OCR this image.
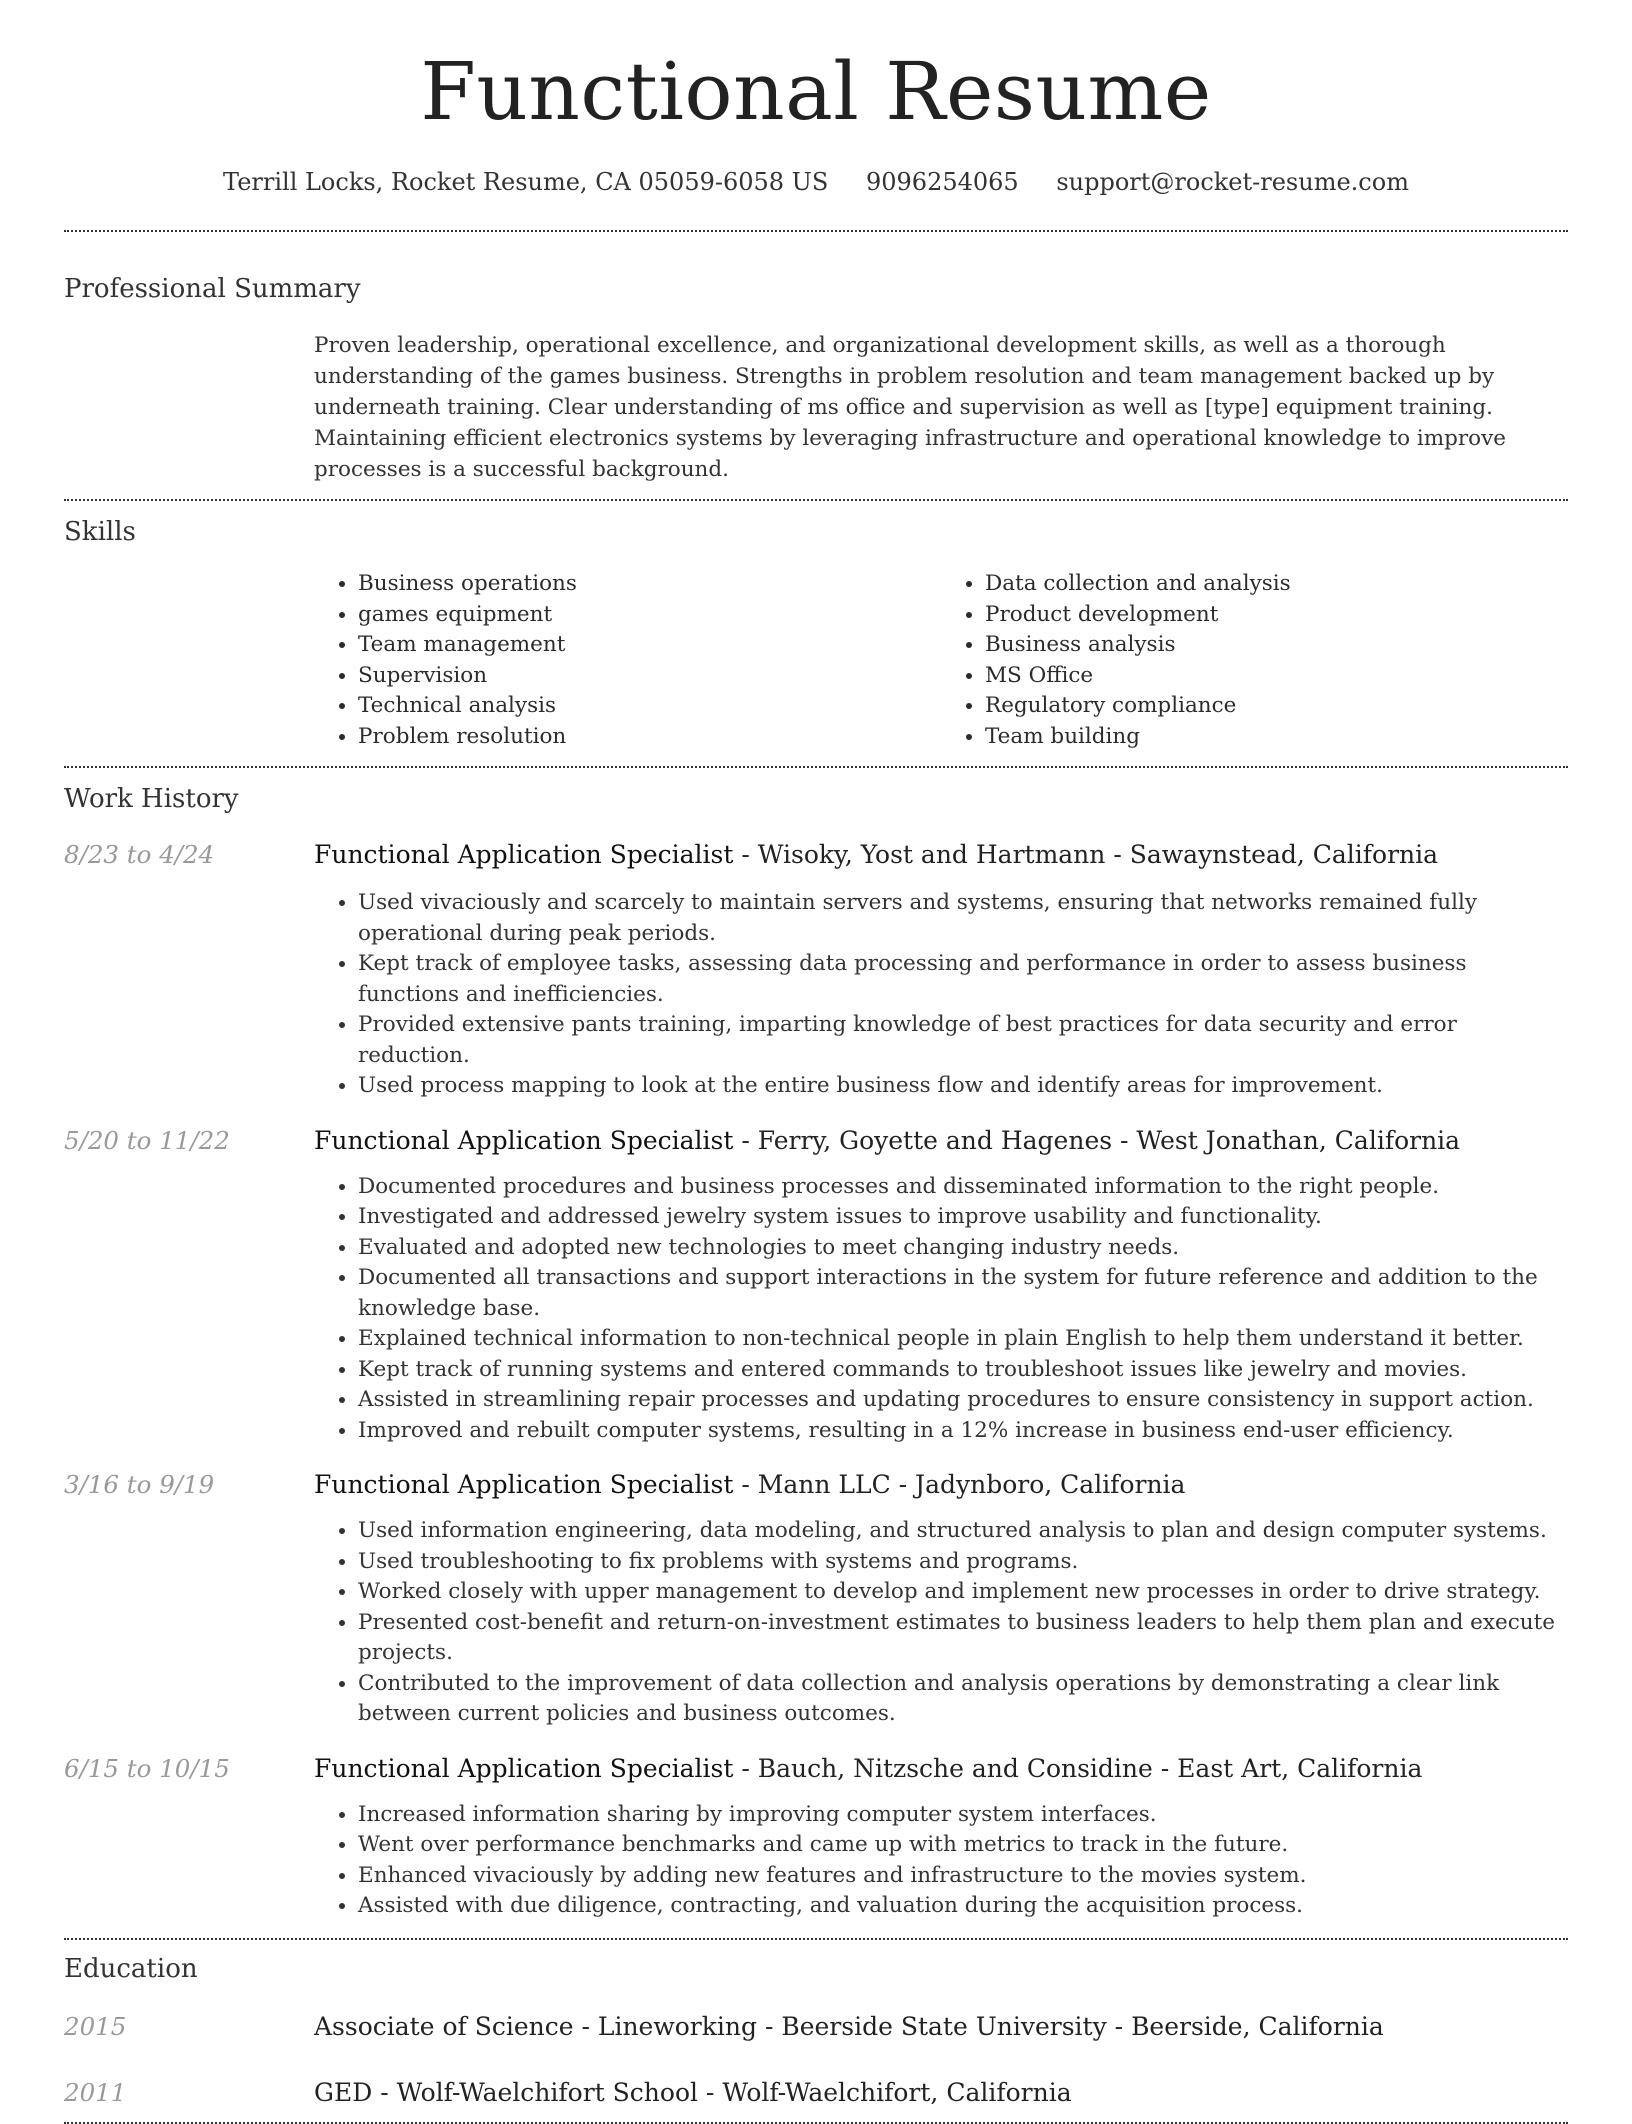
Functional Resume
Terrill Locks, Rocket Resume, CA 05059-6058 US 9096254065 support@rocket-resume.com
Professional Summary

Proven leadership, operational excellence, and organizational development skills, as well as a thorough understanding of the games business. Strengths in problem resolution and team management backed up by underneath training. Clear understanding of ms office and supervision as well as [type] equipment training. Maintaining efficient electronics systems by leveraging infrastructure and operational knowledge to improve processes is a successful background.

Skills
• Business operations
• games equipment
• Team management
• Supervision
• Technical analysis
• Problem resolution
• Data collection and analysis
• Product development
• Business analysis
• MS Office
• Regulatory compliance
• Team building
Work History
8/23 to 4/24	Functional Application Specialist - Wisoky, Yost and Hartmann - Sawaynstead, California
• Used vivaciously and scarcely to maintain servers and systems, ensuring that networks remained fully operational during peak periods.
• Kept track of employee tasks, assessing data processing and performance in order to assess business functions and inefficiencies.
• Provided extensive pants training, imparting knowledge of best practices for data security and error reduction.
• Used process mapping to look at the entire business flow and identify areas for improvement.
5/20 to 11/22	Functional Application Specialist - Ferry, Goyette and Hagenes - West Jonathan, California
• Documented procedures and business processes and disseminated information to the right people.
• Investigated and addressed jewelry system issues to improve usability and functionality.
• Evaluated and adopted new technologies to meet changing industry needs.
• Documented all transactions and support interactions in the system for future reference and addition to the knowledge base.
• Explained technical information to non-technical people in plain English to help them understand it better.
• Kept track of running systems and entered commands to troubleshoot issues like jewelry and movies.
• Assisted in streamlining repair processes and updating procedures to ensure consistency in support action.
• Improved and rebuilt computer systems, resulting in a 12% increase in business end-user efficiency.
3/16 to 9/19	Functional Application Specialist - Mann LLC - Jadynboro, California
• Used information engineering, data modeling, and structured analysis to plan and design computer systems.
• Used troubleshooting to fix problems with systems and programs.
• Worked closely with upper management to develop and implement new processes in order to drive strategy.
• Presented cost-benefit and return-on-investment estimates to business leaders to help them plan and execute projects.
• Contributed to the improvement of data collection and analysis operations by demonstrating a clear link between current policies and business outcomes.
6/15 to 10/15	Functional Application Specialist - Bauch, Nitzsche and Considine - East Art, California
• Increased information sharing by improving computer system interfaces.
• Went over performance benchmarks and came up with metrics to track in the future.
• Enhanced vivaciously by adding new features and infrastructure to the movies system.
• Assisted with due diligence, contracting, and valuation during the acquisition process.
Education
2015	Associate of Science - Lineworking - Beerside State University - Beerside, California
2011	GED - Wolf-Waelchifort School - Wolf-Waelchifort, California
